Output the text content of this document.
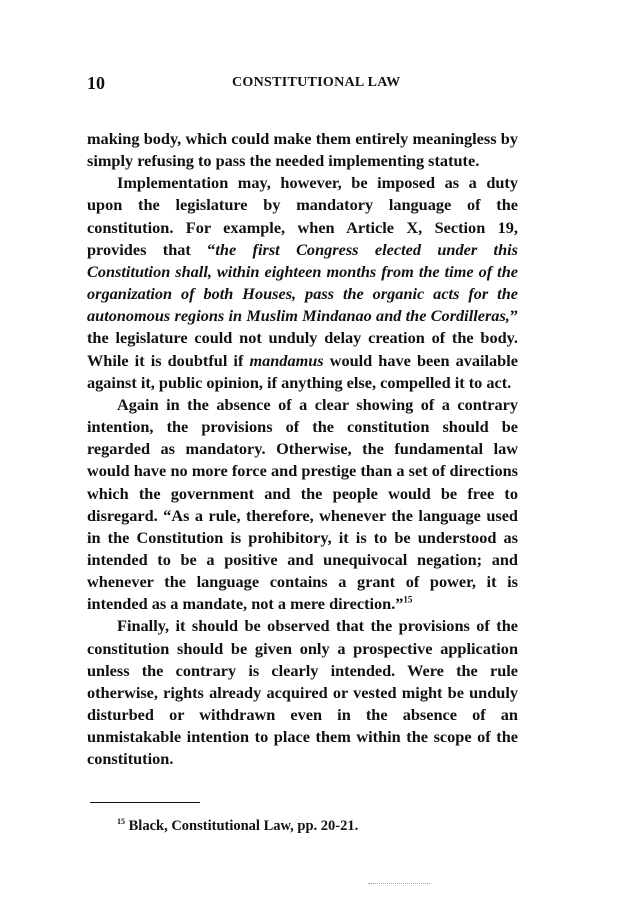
10	CONSTITUTIONAL LAW

making body, which could make them entirely meaningless by simply refusing to pass the needed implementing statute.

Implementation may, however, be imposed as a duty upon the legislature by mandatory language of the constitution. For example, when Article X, Section 19, provides that “the first Congress elected under this Constitution shall, within eighteen months from the time of the organization of both Houses, pass the organic acts for the autonomous regions in Muslim Mindanao and the Cordilleras,” the legislature could not unduly delay creation of the body. While it is doubtful if mandamus would have been available against it, public opinion, if anything else, compelled it to act.

Again in the absence of a clear showing of a contrary intention, the provisions of the constitution should be regarded as mandatory. Otherwise, the fundamental law would have no more force and prestige than a set of directions which the government and the people would be free to disregard. “As a rule, therefore, whenever the language used in the Constitution is prohibitory, it is to be understood as intended to be a positive and unequivocal negation; and whenever the language contains a grant of power, it is intended as a mandate, not a mere direction.”$^{15}$

Finally, it should be observed that the provisions of the constitution should be given only a prospective application unless the contrary is clearly intended. Were the rule otherwise, rights already acquired or vested might be unduly disturbed or withdrawn even in the absence of an unmistakable intention to place them within the scope of the constitution.

$^{15}$ Black, Constitutional Law, pp. 20-21.
